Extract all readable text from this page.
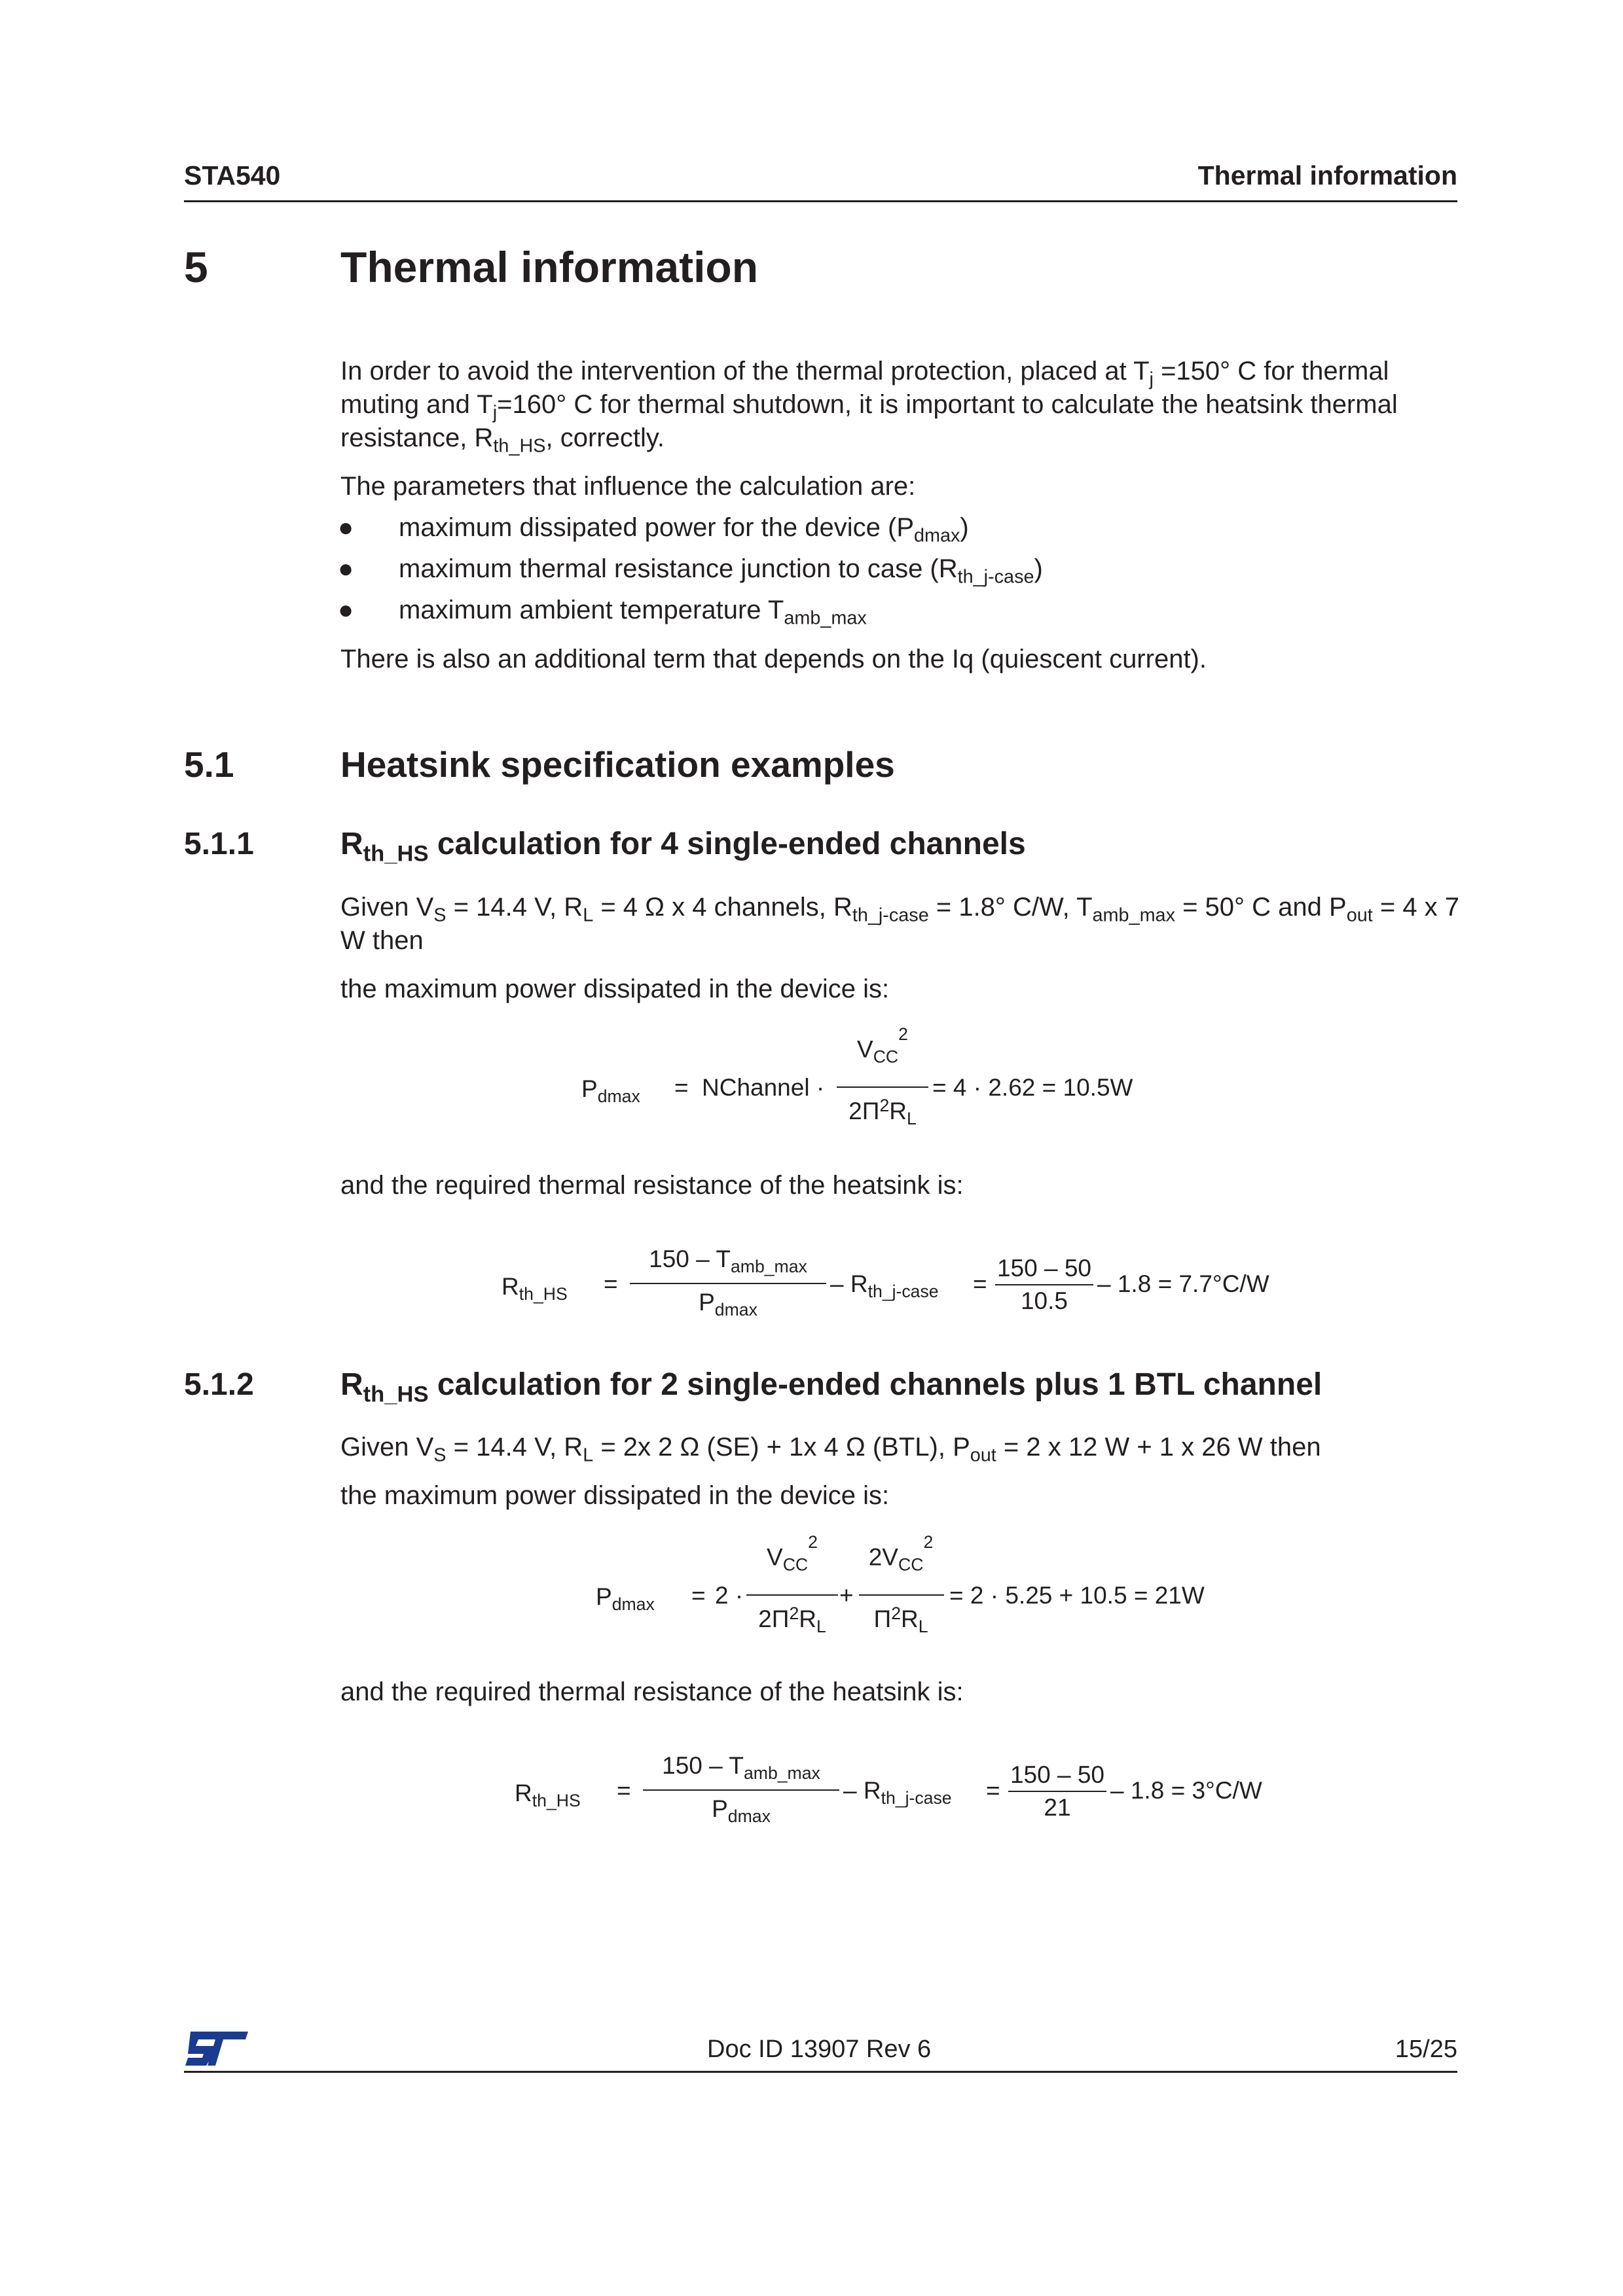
STA540	Thermal information
5	Thermal information

In order to avoid the intervention of the thermal protection, placed at $T_j =150^\circ$ C for thermal muting and $T_j=160^\circ$ C for thermal shutdown, it is important to calculate the heatsink thermal resistance, $R_{th\_HS}$, correctly.

The parameters that influence the calculation are:

● maximum dissipated power for the device $(P_{dmax})$

● maximum thermal resistance junction to case $(R_{th\_j-case})$

● maximum ambient temperature $T_{amb\_max}$

There is also an additional term that depends on the Iq (quiescent current).

5.1	Heatsink specification examples
5.1.1	$R_{th\_HS}$ calculation for 4 single-ended channels

Given $V_S = 14.4$ V, $R_L = 4$ Ω x 4 channels, $R_{th\_j-case} = 1.8^\circ$ C/W, $T_{amb\_max} = 50^\circ$ C and $P_{out} = 4$ x 7 W then

the maximum power dissipated in the device is:

$P_{dmax}$ = NChannel ·
$V_{CC}^2$
$2\Pi^2R_L$
= 4 · 2.62 = 10.5W

and the required thermal resistance of the heatsink is:

$R_{th\_HS}$ =
$150 - T_{amb\_max}$
$P_{dmax}$
– $R_{th\_j-case}$ =
150 – 50
10.5
– 1.8 = 7.7°C/W
5.1.2	$R_{th\_HS}$ calculation for 2 single-ended channels plus 1 BTL channel

Given $V_S = 14.4$ V, $R_L = 2x$ 2 Ω (SE) + 1x 4 Ω (BTL), $P_{out} = 2$ x 12 W + 1 x 26 W then

the maximum power dissipated in the device is:

$P_{dmax} = 2$ ·
$V_{CC}^2$
$2\Pi^2R_L$
+
$2V_{CC}^2$
$\Pi^2R_L$
= 2 · 5.25 + 10.5 = 21W

and the required thermal resistance of the heatsink is:

$R_{th\_HS}$ =
$150 - T_{amb\_max}$
$P_{dmax}$
– $R_{th\_j-case}$ =
150 – 50
21
– 1.8 = 3°C/W
Doc ID 13907 Rev 6	15/25
